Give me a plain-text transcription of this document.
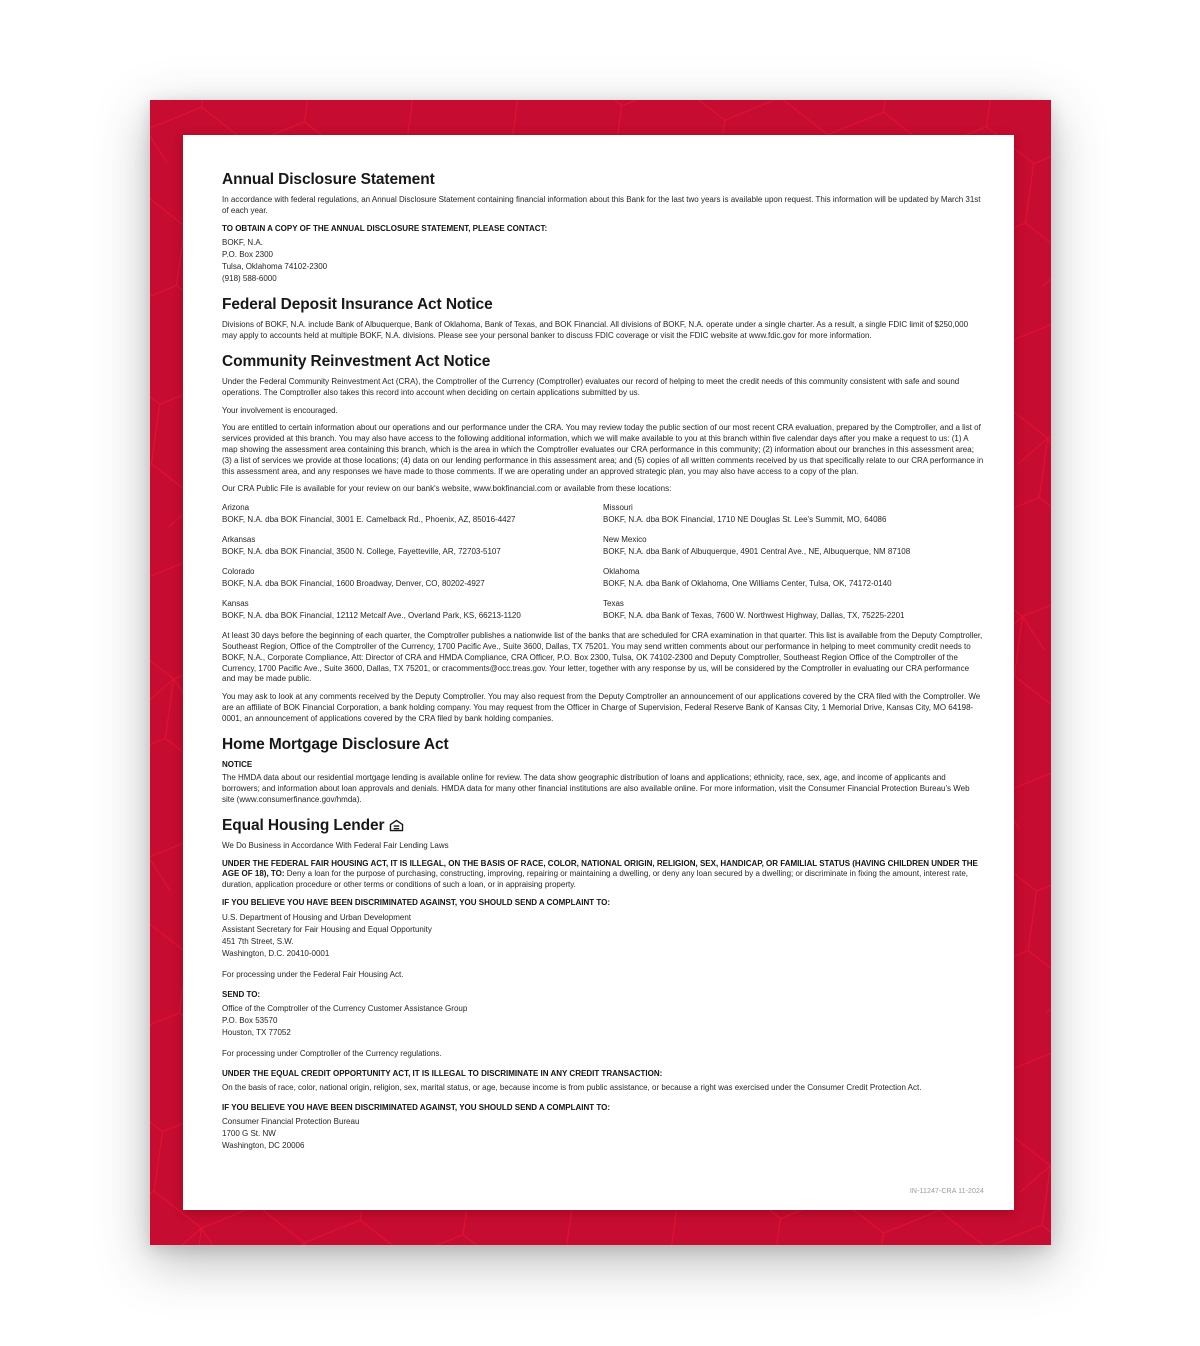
Annual Disclosure Statement

In accordance with federal regulations, an Annual Disclosure Statement containing financial information about this Bank for the last two years is available upon request. This information will be updated by March 31st of each year.

TO OBTAIN A COPY OF THE ANNUAL DISCLOSURE STATEMENT, PLEASE CONTACT:

BOKF, N.A.
P.O. Box 2300
Tulsa, Oklahoma 74102-2300
(918) 588-6000
Federal Deposit Insurance Act Notice

Divisions of BOKF, N.A. include Bank of Albuquerque, Bank of Oklahoma, Bank of Texas, and BOK Financial. All divisions of BOKF, N.A. operate under a single charter. As a result, a single FDIC limit of $250,000 may apply to accounts held at multiple BOKF, N.A. divisions. Please see your personal banker to discuss FDIC coverage or visit the FDIC website at www.fdic.gov for more information.

Community Reinvestment Act Notice

Under the Federal Community Reinvestment Act (CRA), the Comptroller of the Currency (Comptroller) evaluates our record of helping to meet the credit needs of this community consistent with safe and sound operations. The Comptroller also takes this record into account when deciding on certain applications submitted by us.

Your involvement is encouraged.

You are entitled to certain information about our operations and our performance under the CRA. You may review today the public section of our most recent CRA evaluation, prepared by the Comptroller, and a list of services provided at this branch. You may also have access to the following additional information, which we will make available to you at this branch within five calendar days after you make a request to us: (1) A map showing the assessment area containing this branch, which is the area in which the Comptroller evaluates our CRA performance in this community; (2) information about our branches in this assessment area; (3) a list of services we provide at those locations; (4) data on our lending performance in this assessment area; and (5) copies of all written comments received by us that specifically relate to our CRA performance in this assessment area, and any responses we have made to those comments. If we are operating under an approved strategic plan, you may also have access to a copy of the plan.

Our CRA Public File is available for your review on our bank's website, www.bokfinancial.com or available from these locations:

Arizona
BOKF, N.A. dba BOK Financial, 3001 E. Camelback Rd., Phoenix, AZ, 85016-4427
Arkansas
BOKF, N.A. dba BOK Financial, 3500 N. College, Fayetteville, AR, 72703-5107
Colorado
BOKF, N.A. dba BOK Financial, 1600 Broadway, Denver, CO, 80202-4927
Kansas
BOKF, N.A. dba BOK Financial, 12112 Metcalf Ave., Overland Park, KS, 66213-1120
Missouri
BOKF, N.A. dba BOK Financial, 1710 NE Douglas St. Lee's Summit, MO, 64086
New Mexico
BOKF, N.A. dba Bank of Albuquerque, 4901 Central Ave., NE, Albuquerque, NM 87108
Oklahoma
BOKF, N.A. dba Bank of Oklahoma, One Williams Center, Tulsa, OK, 74172-0140
Texas
BOKF, N.A. dba Bank of Texas, 7600 W. Northwest Highway, Dallas, TX, 75225-2201

At least 30 days before the beginning of each quarter, the Comptroller publishes a nationwide list of the banks that are scheduled for CRA examination in that quarter. This list is available from the Deputy Comptroller, Southeast Region, Office of the Comptroller of the Currency, 1700 Pacific Ave., Suite 3600, Dallas, TX 75201. You may send written comments about our performance in helping to meet community credit needs to BOKF, N.A., Corporate Compliance, Att: Director of CRA and HMDA Compliance, CRA Officer, P.O. Box 2300, Tulsa, OK 74102-2300 and Deputy Comptroller, Southeast Region Office of the Comptroller of the Currency, 1700 Pacific Ave., Suite 3600, Dallas, TX 75201, or cracomments@occ.treas.gov. Your letter, together with any response by us, will be considered by the Comptroller in evaluating our CRA performance and may be made public.

You may ask to look at any comments received by the Deputy Comptroller. You may also request from the Deputy Comptroller an announcement of our applications covered by the CRA filed with the Comptroller. We are an affiliate of BOK Financial Corporation, a bank holding company. You may request from the Officer in Charge of Supervision, Federal Reserve Bank of Kansas City, 1 Memorial Drive, Kansas City, MO 64198-0001, an announcement of applications covered by the CRA filed by bank holding companies.

Home Mortgage Disclosure Act

NOTICE

The HMDA data about our residential mortgage lending is available online for review. The data show geographic distribution of loans and applications; ethnicity, race, sex, age, and income of applicants and borrowers; and information about loan approvals and denials. HMDA data for many other financial institutions are also available online. For more information, visit the Consumer Financial Protection Bureau's Web site (www.consumerfinance.gov/hmda).

Equal Housing Lender

We Do Business in Accordance With Federal Fair Lending Laws

UNDER THE FEDERAL FAIR HOUSING ACT, IT IS ILLEGAL, ON THE BASIS OF RACE, COLOR, NATIONAL ORIGIN, RELIGION, SEX, HANDICAP, OR FAMILIAL STATUS (HAVING CHILDREN UNDER THE AGE OF 18), TO: Deny a loan for the purpose of purchasing, constructing, improving, repairing or maintaining a dwelling, or deny any loan secured by a dwelling; or discriminate in fixing the amount, interest rate, duration, application procedure or other terms or conditions of such a loan, or in appraising property.

IF YOU BELIEVE YOU HAVE BEEN DISCRIMINATED AGAINST, YOU SHOULD SEND A COMPLAINT TO:

U.S. Department of Housing and Urban Development
Assistant Secretary for Fair Housing and Equal Opportunity
451 7th Street, S.W.
Washington, D.C. 20410-0001

For processing under the Federal Fair Housing Act.

SEND TO:

Office of the Comptroller of the Currency Customer Assistance Group
P.O. Box 53570
Houston, TX 77052

For processing under Comptroller of the Currency regulations.

UNDER THE EQUAL CREDIT OPPORTUNITY ACT, IT IS ILLEGAL TO DISCRIMINATE IN ANY CREDIT TRANSACTION:

On the basis of race, color, national origin, religion, sex, marital status, or age, because income is from public assistance, or because a right was exercised under the Consumer Credit Protection Act.

IF YOU BELIEVE YOU HAVE BEEN DISCRIMINATED AGAINST, YOU SHOULD SEND A COMPLAINT TO:

Consumer Financial Protection Bureau
1700 G St. NW
Washington, DC 20006
IN-11247-CRA 11-2024
